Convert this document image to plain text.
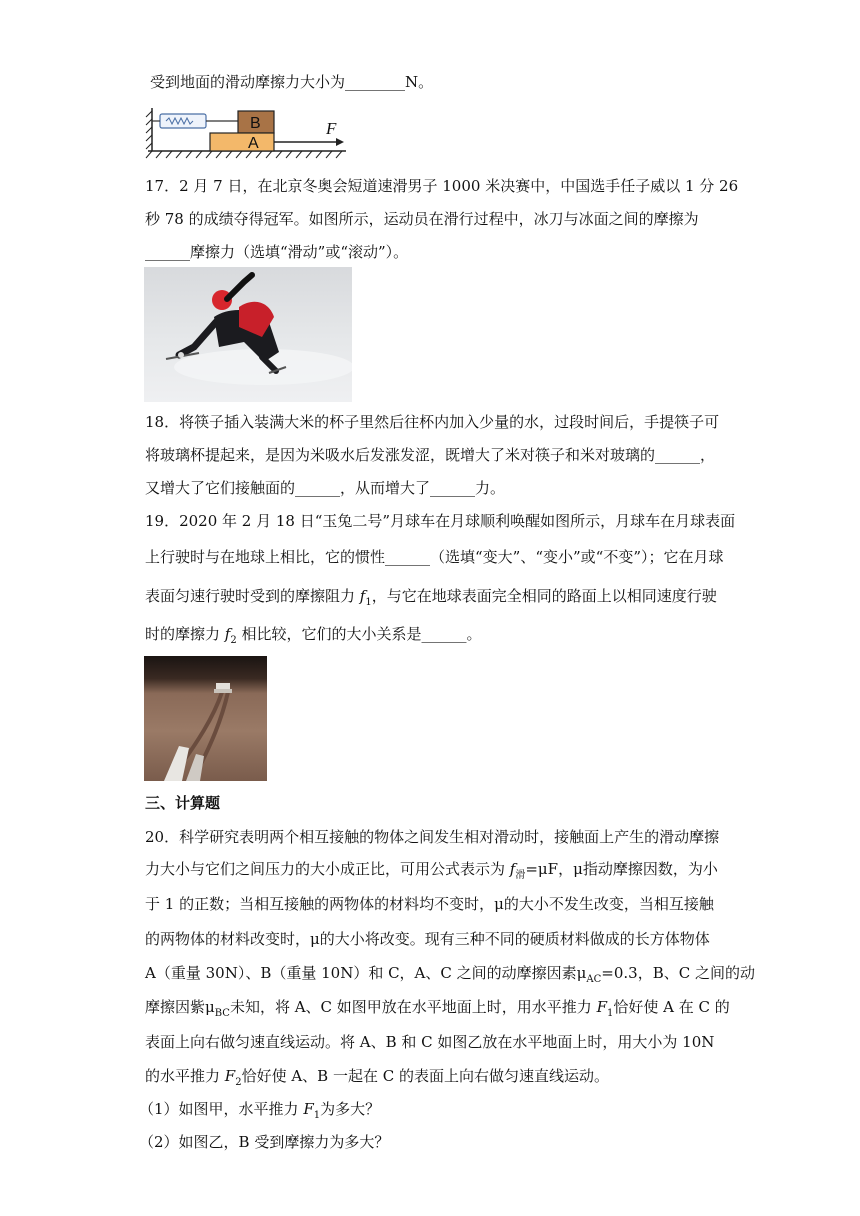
受到地面的滑动摩擦力大小为________N。
B
A
F
17．2 月 7 日，在北京冬奥会短道速滑男子 1000 米决赛中，中国选手任子威以 1 分 26
秒 78 的成绩夺得冠军。如图所示，运动员在滑行过程中，冰刀与冰面之间的摩擦为
______摩擦力（选填“滑动”或“滚动”）。
18．将筷子插入装满大米的杯子里然后往杯内加入少量的水，过段时间后，手提筷子可
将玻璃杯提起来，是因为米吸水后发涨发涩，既增大了米对筷子和米对玻璃的______，
又增大了它们接触面的______，从而增大了______力。
19．2020 年 2 月 18 日“玉兔二号”月球车在月球顺利唤醒如图所示，月球车在月球表面
上行驶时与在地球上相比，它的惯性______（选填“变大”、“变小”或“不变”）；它在月球
表面匀速行驶时受到的摩擦阻力 $f_1$，与它在地球表面完全相同的路面上以相同速度行驶
时的摩擦力 $f_2$ 相比较，它们的大小关系是______。
三、计算题
20．科学研究表明两个相互接触的物体之间发生相对滑动时，接触面上产生的滑动摩擦
力大小与它们之间压力的大小成正比，可用公式表示为 $f_滑=\mu F$，μ指动摩擦因数，为小
于 1 的正数；当相互接触的两物体的材料均不变时，μ的大小不发生改变，当相互接触
的两物体的材料改变时，μ的大小将改变。现有三种不同的硬质材料做成的长方体物体
A（重量 30N）、B（重量 10N）和 C，A、C 之间的动摩擦因素$\mu_{AC}=0.3$，B、C 之间的动
摩擦因紫$\mu_{BC}$未知，将 A、C 如图甲放在水平地面上时，用水平推力 $F_1$恰好使 A 在 C 的
表面上向右做匀速直线运动。将 A、B 和 C 如图乙放在水平地面上时，用大小为 10N
的水平推力 $F_2$恰好使 A、B 一起在 C 的表面上向右做匀速直线运动。
（1）如图甲，水平推力 $F_1$为多大？
（2）如图乙，B 受到摩擦力为多大？
